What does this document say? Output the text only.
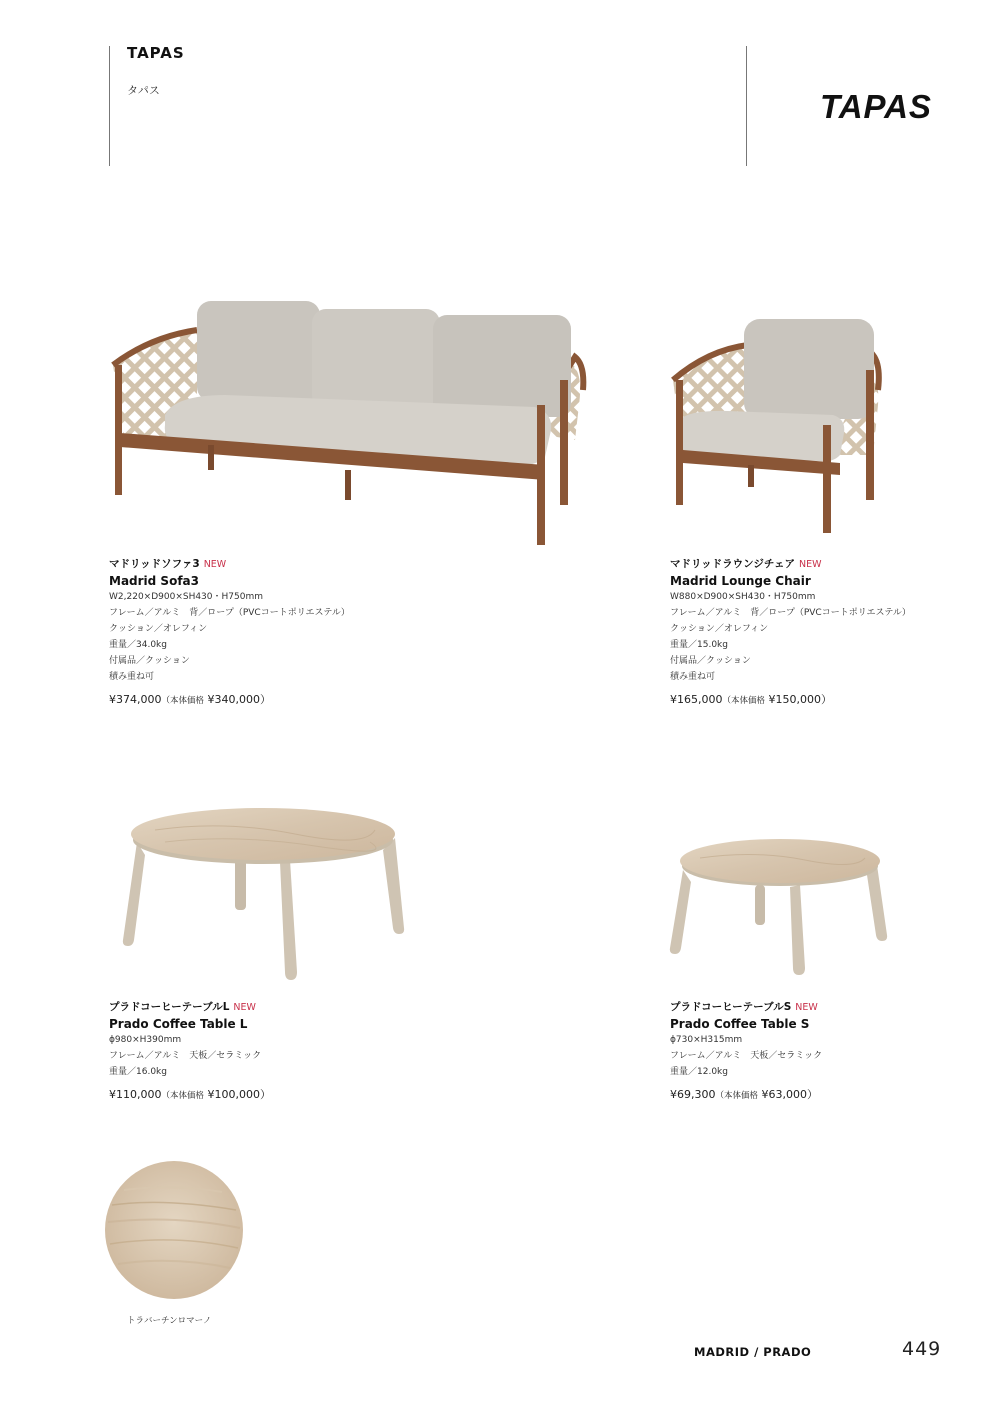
TAPAS
タパス	TAPAS
マドリッドソファ3 NEW
Madrid Sofa3
W2,220×D900×SH430・H750mm
フレーム／アルミ　背／ロープ（PVCコートポリエステル）
クッション／オレフィン
重量／34.0kg
付属品／クッション
積み重ね可
¥374,000（本体価格 ¥340,000）
マドリッドラウンジチェア NEW
Madrid Lounge Chair
W880×D900×SH430・H750mm
フレーム／アルミ　背／ロープ（PVCコートポリエステル）
クッション／オレフィン
重量／15.0kg
付属品／クッション
積み重ね可
¥165,000（本体価格 ¥150,000）
プラドコーヒーテーブルL NEW
Prado Coffee Table L
ϕ980×H390mm
フレーム／アルミ　天板／セラミック
重量／16.0kg
¥110,000（本体価格 ¥100,000）
プラドコーヒーテーブルS NEW
Prado Coffee Table S
ϕ730×H315mm
フレーム／アルミ　天板／セラミック
重量／12.0kg
¥69,300（本体価格 ¥63,000）
トラバーチンロマーノ
MADRID / PRADO	449
